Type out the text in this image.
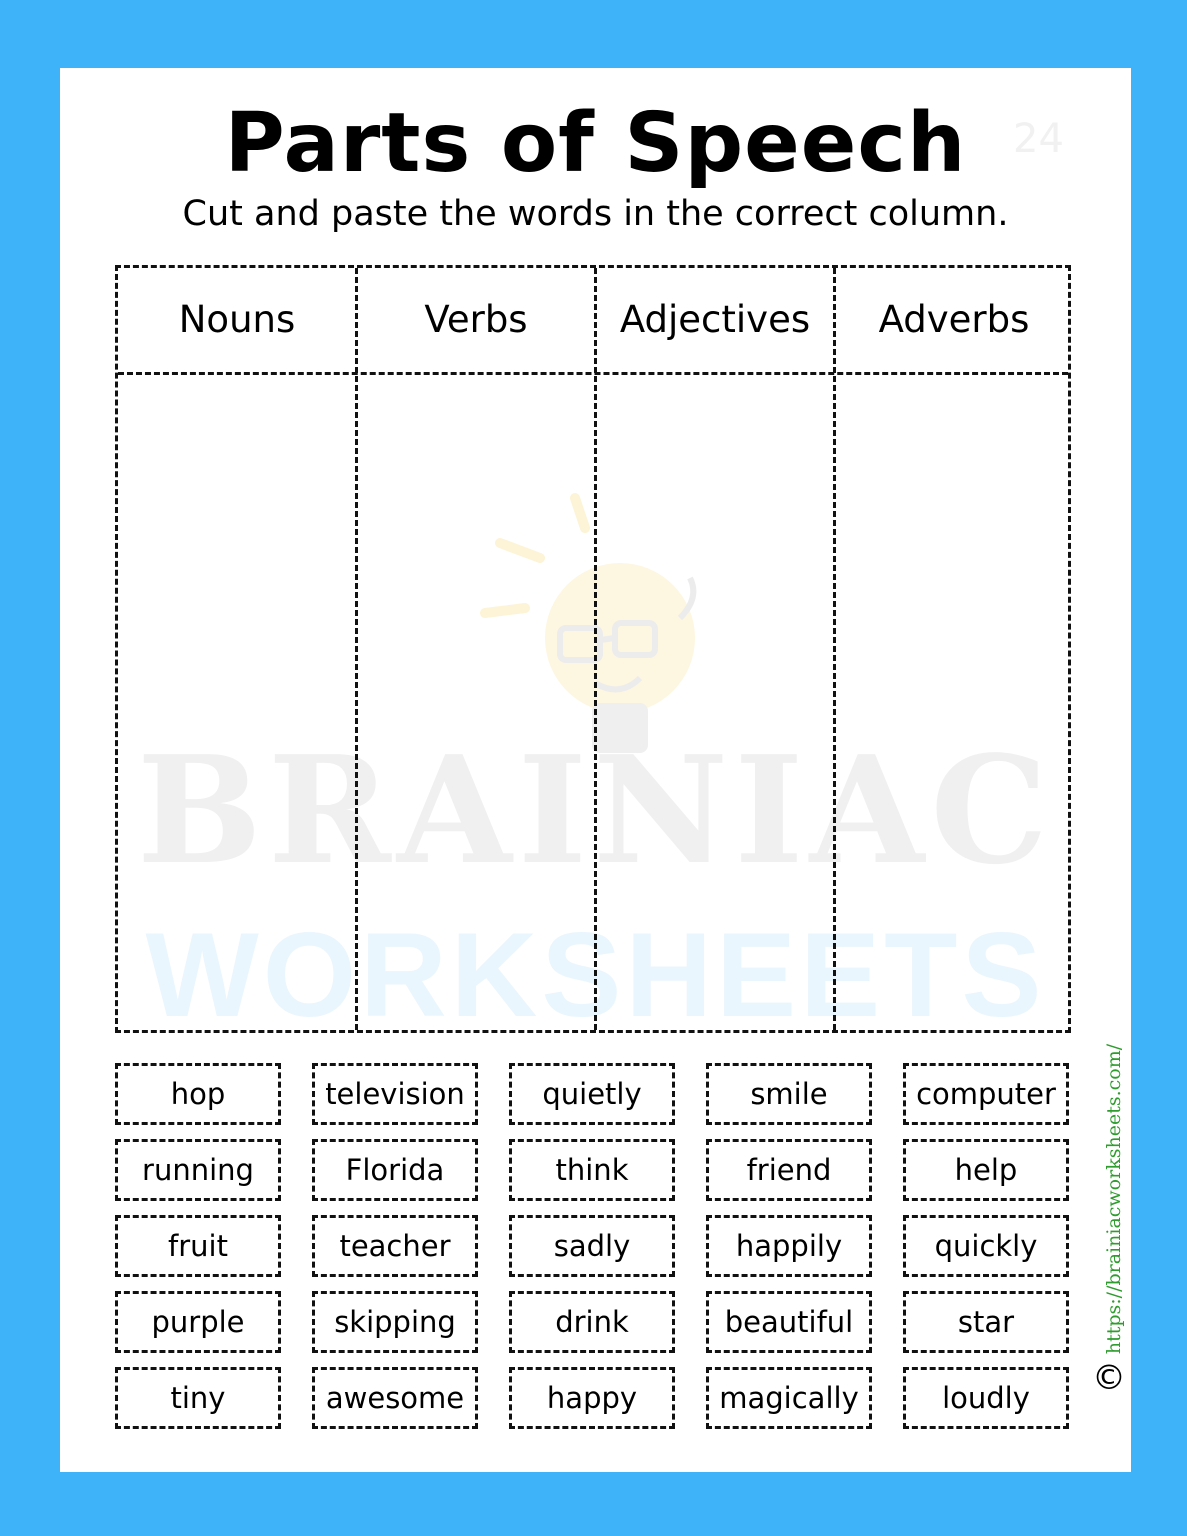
Parts of Speech	24
Cut and paste the words in the correct column.
BRAINIAC
WORKSHEETS
Nouns	Verbs	Adjectives	Adverbs
https://brainiacworksheets.com/
©
hop	television	quietly	smile	computer
running	Florida	think	friend	help
fruit	teacher	sadly	happily	quickly
purple	skipping	drink	beautiful	star
tiny	awesome	happy	magically	loudly
